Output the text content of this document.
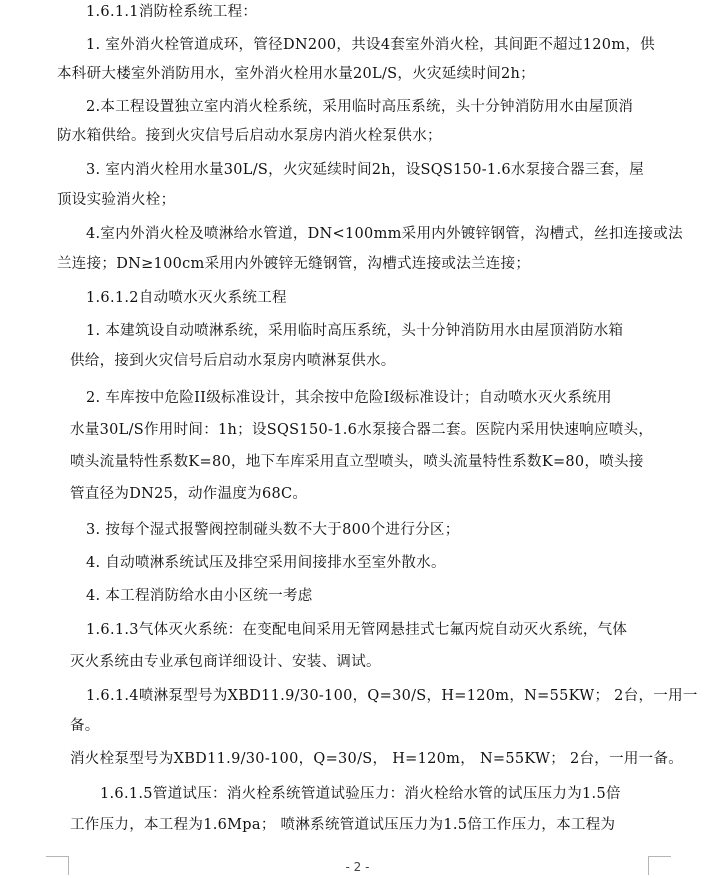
1.6.1.1消防栓系统工程：
1. 室外消火栓管道成环，管径DN200，共设4套室外消火栓，其间距不超过120m，供
本科研大楼室外消防用水，室外消火栓用水量20L/S，火灾延续时间2h；
2.本工程设置独立室内消火栓系统，采用临时高压系统，头十分钟消防用水由屋顶消
防水箱供给。接到火灾信号后启动水泵房内消火栓泵供水；
3. 室内消火栓用水量30L/S，火灾延续时间2h，设SQS150-1.6水泵接合器三套，屋
顶设实验消火栓；
4.室内外消火栓及喷淋给水管道，DN<100mm采用内外镀锌钢管，沟槽式，丝扣连接或法
兰连接；DN≥100cm采用内外镀锌无缝钢管，沟槽式连接或法兰连接；
1.6.1.2自动喷水灭火系统工程
1. 本建筑设自动喷淋系统，采用临时高压系统，头十分钟消防用水由屋顶消防水箱
供给，接到火灾信号后启动水泵房内喷淋泵供水。
2. 车库按中危险II级标准设计，其余按中危险I级标准设计；自动喷水灭火系统用
水量30L/S作用时间：1h；设SQS150-1.6水泵接合器二套。医院内采用快速响应喷头，
喷头流量特性系数K=80，地下车库采用直立型喷头，喷头流量特性系数K=80，喷头接
管直径为DN25，动作温度为68C。
3. 按每个湿式报警阀控制碰头数不大于800个进行分区；
4. 自动喷淋系统试压及排空采用间接排水至室外散水。
4. 本工程消防给水由小区统一考虑
1.6.1.3气体灭火系统：在变配电间采用无管网悬挂式七氟丙烷自动灭火系统，气体
灭火系统由专业承包商详细设计、安装、调试。
1.6.1.4喷淋泵型号为XBD11.9/30-100，Q=30/S，H=120m，N=55KW； 2台，一用一
备。
消火栓泵型号为XBD11.9/30-100，Q=30/S， H=120m， N=55KW； 2台，一用一备。
1.6.1.5管道试压：消火栓系统管道试验压力：消火栓给水管的试压压力为1.5倍
工作压力，本工程为1.6Mpa； 喷淋系统管道试压压力为1.5倍工作压力，本工程为
- 2 -
